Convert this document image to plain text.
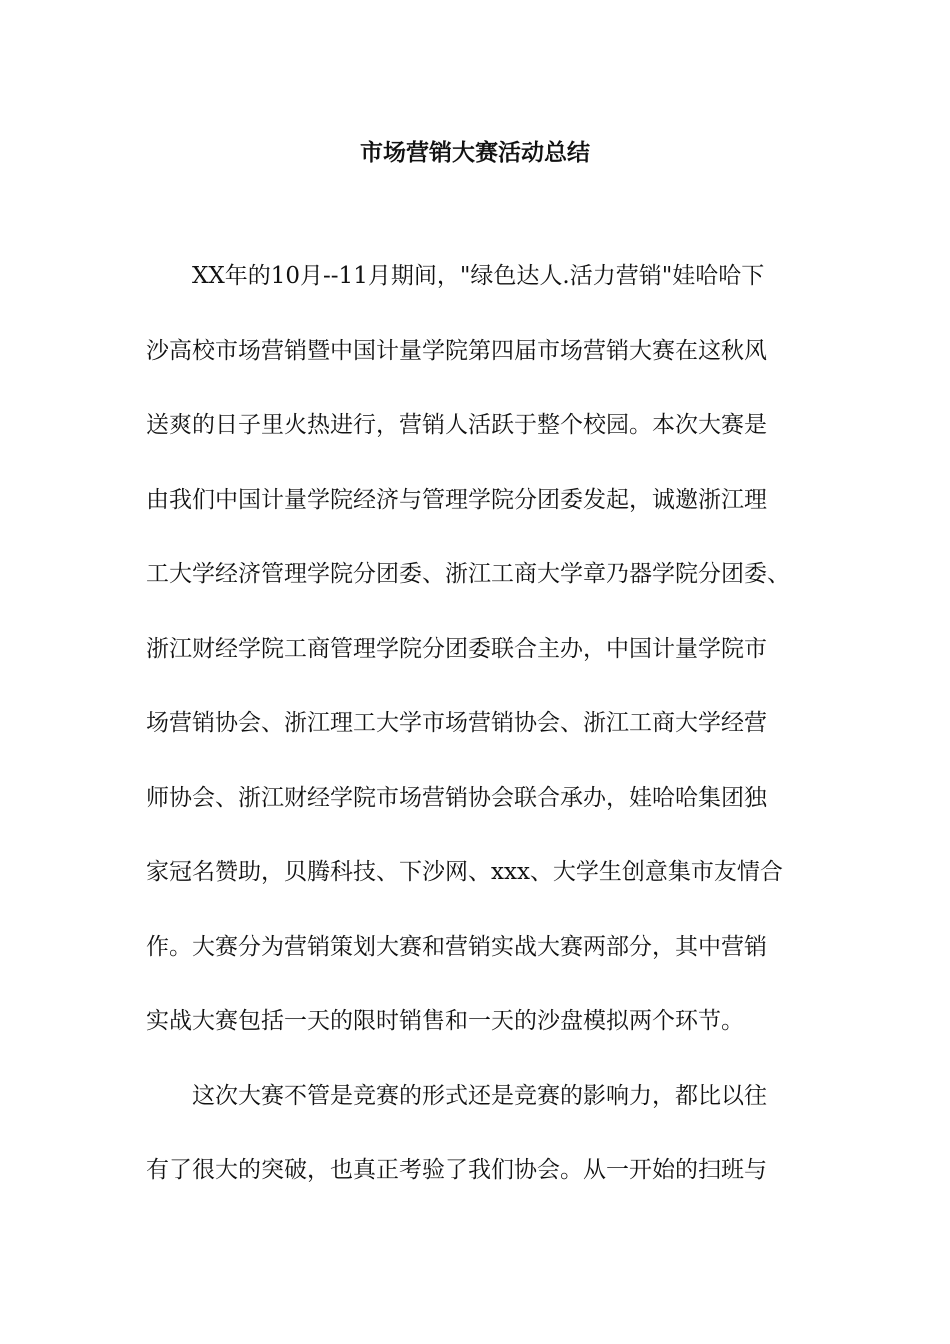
市场营销大赛活动总结
XX年的10月--11月期间，"绿色达人.活力营销"娃哈哈下
沙高校市场营销暨中国计量学院第四届市场营销大赛在这秋风
送爽的日子里火热进行，营销人活跃于整个校园。本次大赛是
由我们中国计量学院经济与管理学院分团委发起，诚邀浙江理
工大学经济管理学院分团委、浙江工商大学章乃器学院分团委、
浙江财经学院工商管理学院分团委联合主办，中国计量学院市
场营销协会、浙江理工大学市场营销协会、浙江工商大学经营
师协会、浙江财经学院市场营销协会联合承办，娃哈哈集团独
家冠名赞助，贝腾科技、下沙网、xxx、大学生创意集市友情合
作。大赛分为营销策划大赛和营销实战大赛两部分，其中营销
实战大赛包括一天的限时销售和一天的沙盘模拟两个环节。
这次大赛不管是竞赛的形式还是竞赛的影响力，都比以往
有了很大的突破，也真正考验了我们协会。从一开始的扫班与
